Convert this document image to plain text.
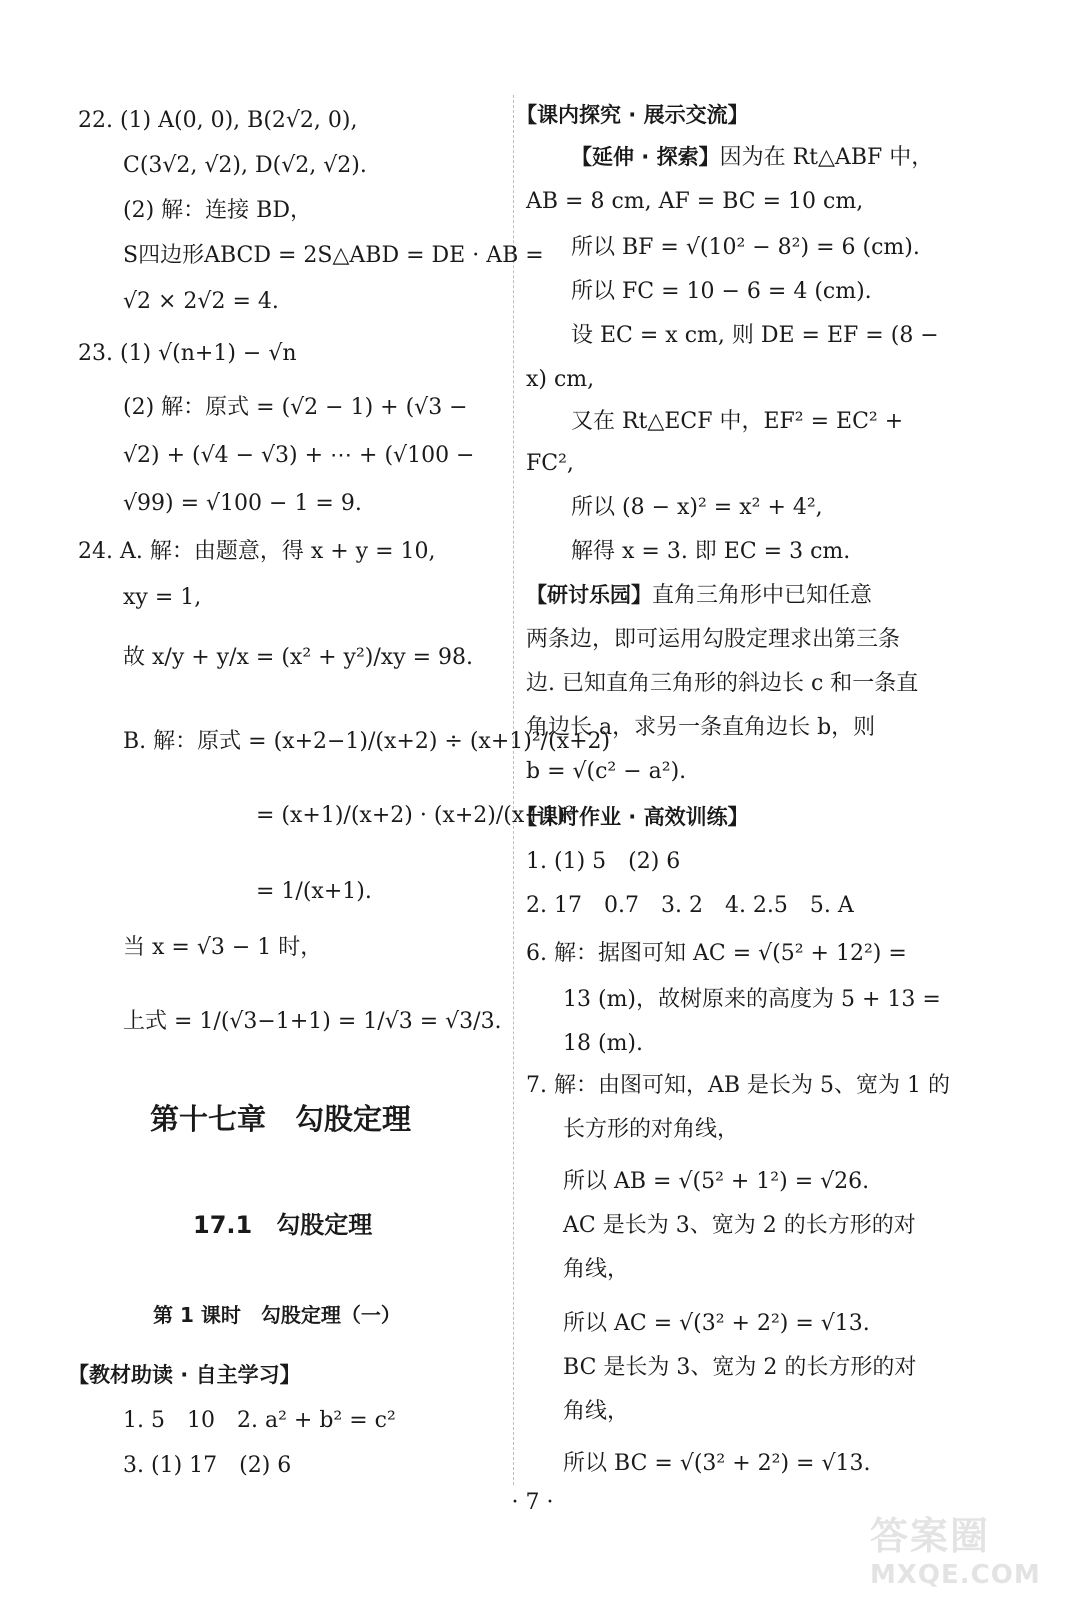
22. (1) A(0, 0), B(2√2, 0),
C(3√2, √2), D(√2, √2).
(2) 解：连接 BD，
S四边形ABCD = 2S△ABD = DE · AB =
√2 × 2√2 = 4.
23. (1) √(n+1) − √n
(2) 解：原式 = (√2 − 1) + (√3 −
√2) + (√4 − √3) + ⋯ + (√100 −
√99) = √100 − 1 = 9.
24. A. 解：由题意，得 x + y = 10,
xy = 1,
故 x/y + y/x = (x² + y²)/xy = 98.
B. 解：原式 = (x+2−1)/(x+2) ÷ (x+1)²/(x+2)
= (x+1)/(x+2) · (x+2)/(x+1)²
= 1/(x+1).
当 x = √3 − 1 时，
上式 = 1/(√3−1+1) = 1/√3 = √3/3.
第十七章　勾股定理
17.1　勾股定理
第 1 课时　勾股定理（一）
【教材助读 · 自主学习】
1. 5　10　2. a² + b² = c²
3. (1) 17　(2) 6
【课内探究 · 展示交流】
【延伸 · 探索】因为在 Rt△ABF 中，
AB = 8 cm, AF = BC = 10 cm,
所以 BF = √(10² − 8²) = 6 (cm).
所以 FC = 10 − 6 = 4 (cm).
设 EC = x cm, 则 DE = EF = (8 −
x) cm,
又在 Rt△ECF 中，EF² = EC² +
FC²,
所以 (8 − x)² = x² + 4²,
解得 x = 3. 即 EC = 3 cm.
【研讨乐园】直角三角形中已知任意
两条边，即可运用勾股定理求出第三条
边. 已知直角三角形的斜边长 c 和一条直
角边长 a，求另一条直角边长 b，则
b = √(c² − a²).
【课时作业 · 高效训练】
1. (1) 5　(2) 6
2. 17　0.7　3. 2　4. 2.5　5. A
6. 解：据图可知 AC = √(5² + 12²) =
13 (m)，故树原来的高度为 5 + 13 =
18 (m).
7. 解：由图可知，AB 是长为 5、宽为 1 的
长方形的对角线，
所以 AB = √(5² + 1²) = √26.
AC 是长为 3、宽为 2 的长方形的对
角线，
所以 AC = √(3² + 2²) = √13.
BC 是长为 3、宽为 2 的长方形的对
角线，
所以 BC = √(3² + 2²) = √13.
· 7 ·
答案圈
MXQE.COM
